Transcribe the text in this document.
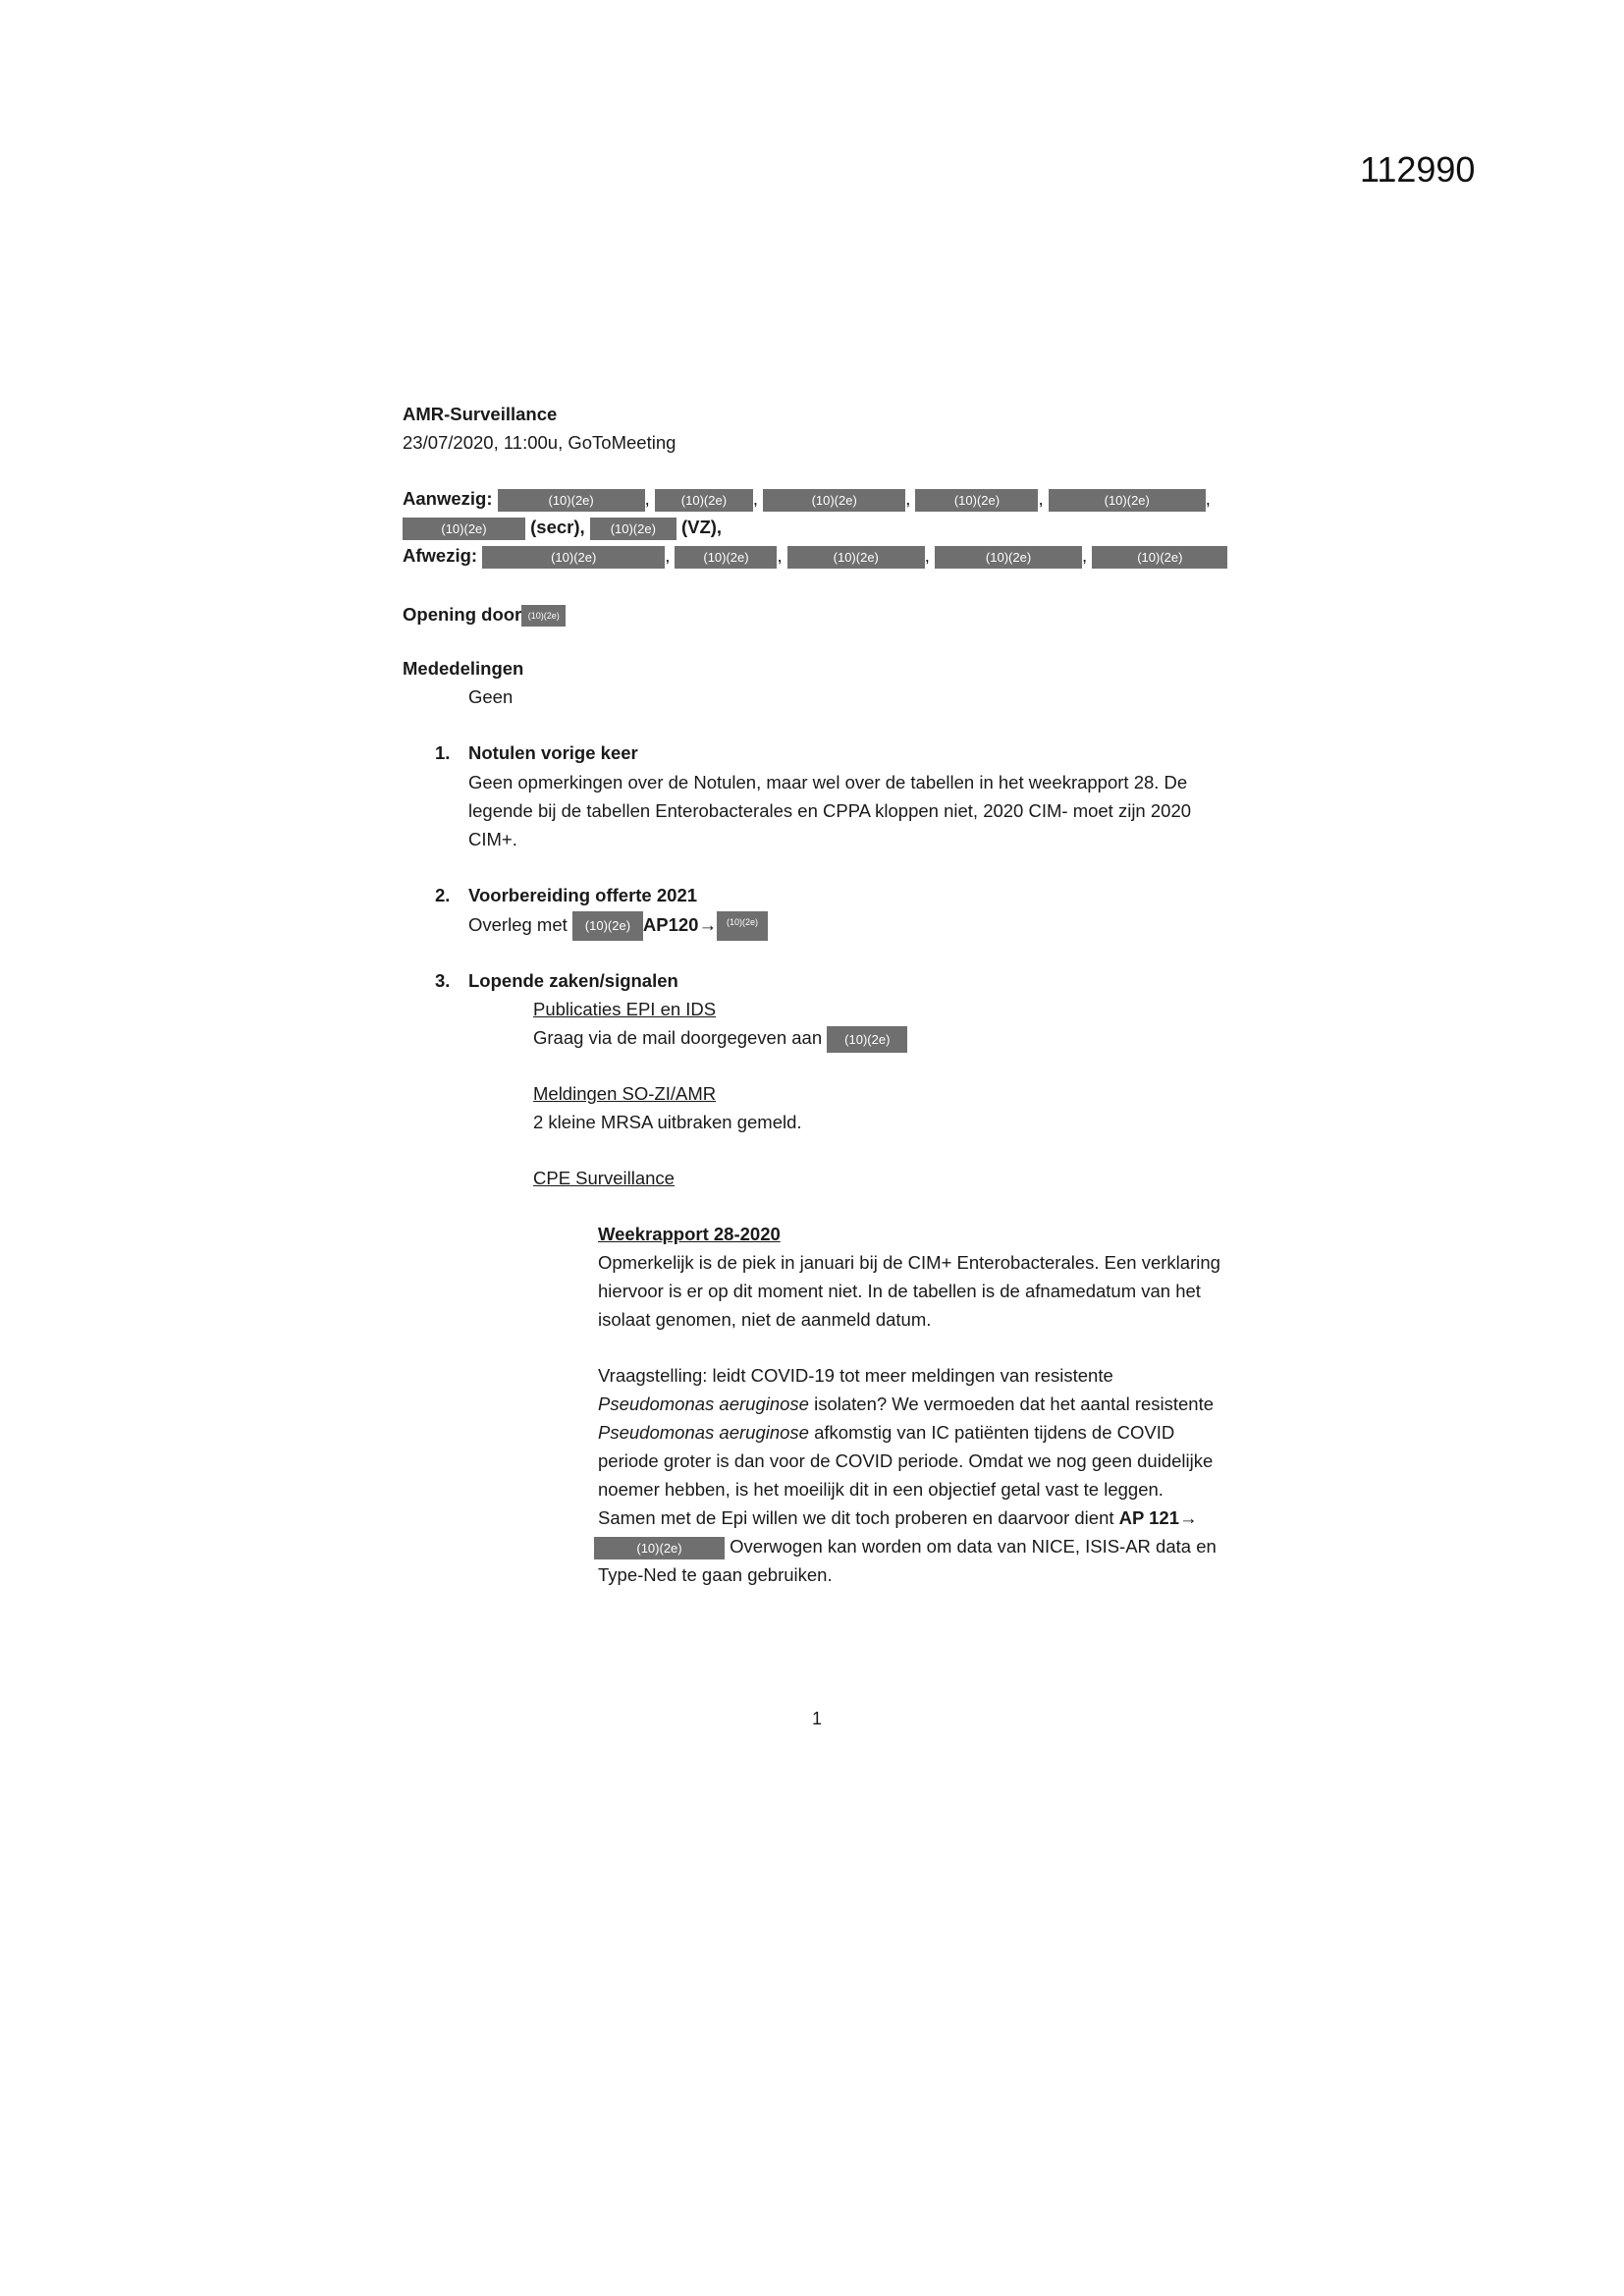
112990
AMR-Surveillance
23/07/2020, 11:00u, GoToMeeting
Aanwezig:	(10)(2e)	, (10)(2e) ,	(10)(2e)	,	(10)(2e) ,	(10)(2e)	,
(10)(2e) (secr), (10)(2e) (VZ),
Afwezig:	(10)(2e)	,	(10)(2e) ,	(10)(2e)	,	(10)(2e)	,	(10)(2e)
Opening door (10)(2e)
Mededelingen
Geen
1. Notulen vorige keer
Geen opmerkingen over de Notulen, maar wel over de tabellen in het weekrapport 28. De
legende bij de tabellen Enterobacterales en CPPA kloppen niet, 2020 CIM- moet zijn 2020
CIM+.
2. Voorbereiding offerte 2021
Overleg met (10)(2e) AP120→ (10)(2e)
3. Lopende zaken/signalen
Publicaties EPI en IDS
Graag via de mail doorgegeven aan (10)(2e)
Meldingen SO-ZI/AMR
2 kleine MRSA uitbraken gemeld.
CPE Surveillance
Weekrapport 28-2020
Opmerkelijk is de piek in januari bij de CIM+ Enterobacterales. Een verklaring
hiervoor is er op dit moment niet. In de tabellen is de afnamedatum van het
isolaat genomen, niet de aanmeld datum.
Vraagstelling: leidt COVID-19 tot meer meldingen van resistente
Pseudomonas aeruginose isolaten? We vermoeden dat het aantal resistente
Pseudomonas aeruginose afkomstig van IC patiënten tijdens de COVID
periode groter is dan voor de COVID periode. Omdat we nog geen duidelijke
noemer hebben, is het moeilijk dit in een objectief getal vast te leggen.
Samen met de Epi willen we dit toch proberen en daarvoor dient AP 121→
(10)(2e) Overwogen kan worden om data van NICE, ISIS-AR data en
Type-Ned te gaan gebruiken.
1
